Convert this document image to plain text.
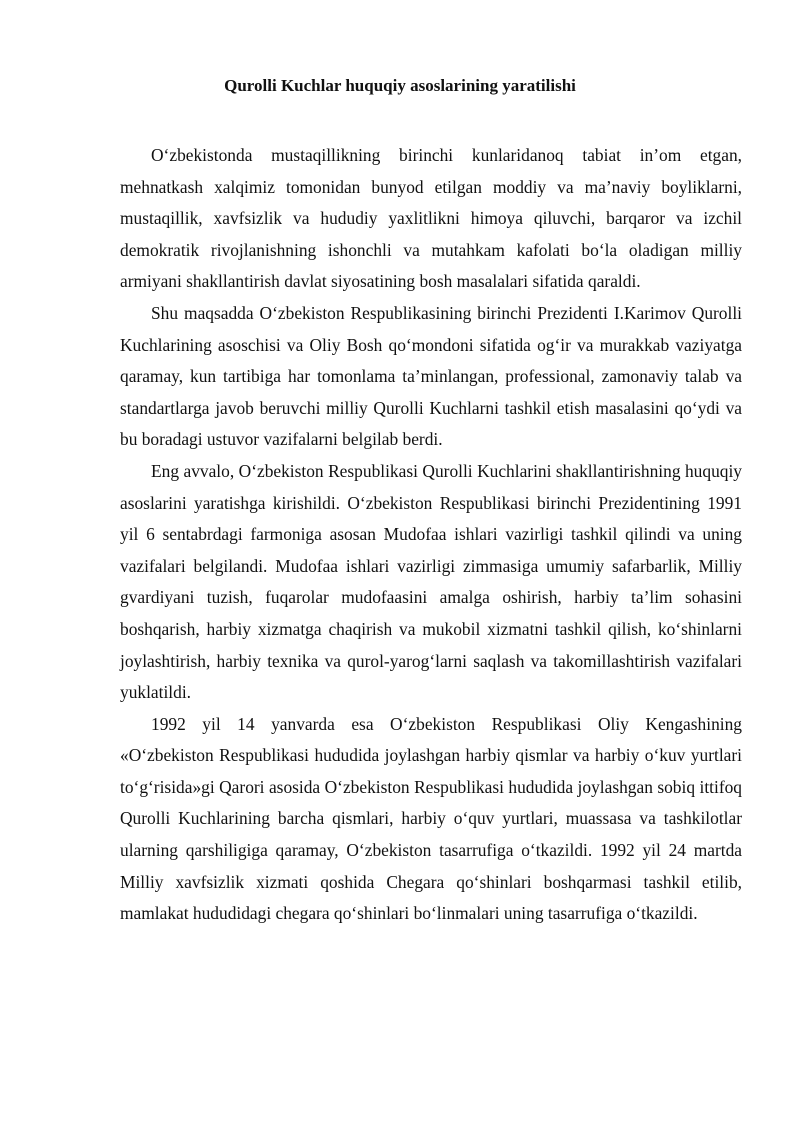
Qurolli Kuchlar huquqiy asoslarining yaratilishi

O‘zbekistonda mustaqillikning birinchi kunlaridanoq tabiat in’om etgan, mehnatkash xalqimiz tomonidan bunyod etilgan moddiy va ma’naviy boyliklarni, mustaqillik, xavfsizlik va hududiy yaxlitlikni himoya qiluvchi, barqaror va izchil demokratik rivojlanishning ishonchli va mutahkam kafolati bo‘la oladigan milliy armiyani shakllantirish davlat siyosatining bosh masalalari sifatida qaraldi.

Shu maqsadda O‘zbekiston Respublikasining birinchi Prezidenti I.Karimov Qurolli Kuchlarining asoschisi va Oliy Bosh qo‘mondoni sifatida og‘ir va murakkab vaziyatga qaramay, kun tartibiga har tomonlama ta’minlangan, professional, zamonaviy talab va standartlarga javob beruvchi milliy Qurolli Kuchlarni tashkil etish masalasini qo‘ydi va bu boradagi ustuvor vazifalarni belgilab berdi.

Eng avvalo, O‘zbekiston Respublikasi Qurolli Kuchlarini shakllantirishning huquqiy asoslarini yaratishga kirishildi. O‘zbekiston Respublikasi birinchi Prezidentining 1991 yil 6 sentabrdagi farmoniga asosan Mudofaa ishlari vazirligi tashkil qilindi va uning vazifalari belgilandi. Mudofaa ishlari vazirligi zimmasiga umumiy safarbarlik, Milliy gvardiyani tuzish, fuqarolar mudofaasini amalga oshirish, harbiy ta’lim sohasini boshqarish, harbiy xizmatga chaqirish va mukobil xizmatni tashkil qilish, ko‘shinlarni joylashtirish, harbiy texnika va qurol-yarog‘larni saqlash va takomillashtirish vazifalari yuklatildi.

1992 yil 14 yanvarda esa O‘zbekiston Respublikasi Oliy Kengashining «O‘zbekiston Respublikasi hududida joylashgan harbiy qismlar va harbiy o‘kuv yurtlari to‘g‘risida»gi Qarori asosida O‘zbekiston Respublikasi hududida joylashgan sobiq ittifoq Qurolli Kuchlarining barcha qismlari, harbiy o‘quv yurtlari, muassasa va tashkilotlar ularning qarshiligiga qaramay, O‘zbekiston tasarrufiga o‘tkazildi. 1992 yil 24 martda Milliy xavfsizlik xizmati qoshida Chegara qo‘shinlari boshqarmasi tashkil etilib, mamlakat hududidagi chegara qo‘shinlari bo‘linmalari uning tasarrufiga o‘tkazildi.
